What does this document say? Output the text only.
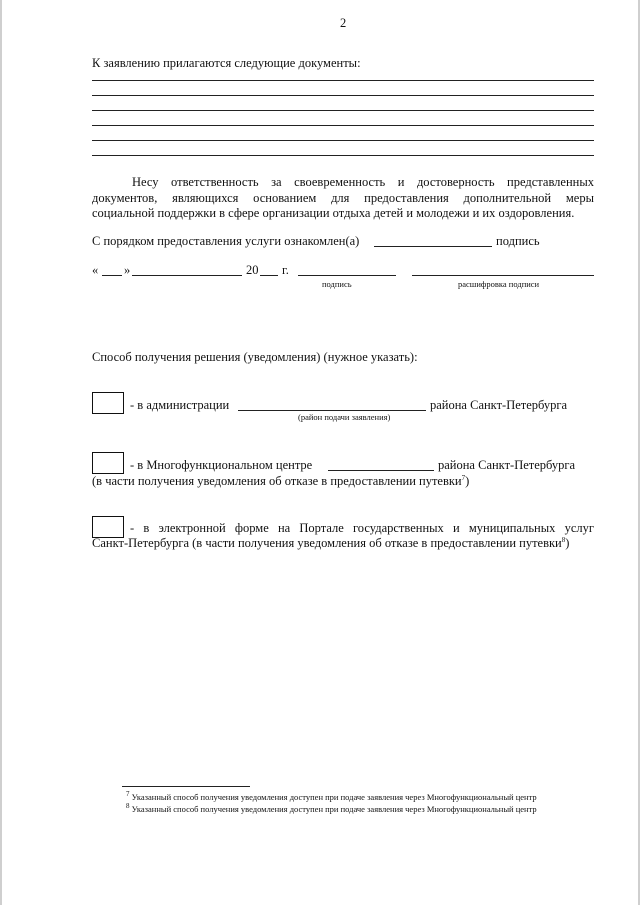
2
К заявлению прилагаются следующие документы:
Несу ответственность за своевременность и достоверность представленных
документов, являющихся основанием для предоставления дополнительной меры
социальной поддержки в сфере организации отдыха детей и молодежи и их оздоровления.
С порядком предоставления услуги ознакомлен(а)	подпись
« »	20 г.
подпись	расшифровка подписи
Способ получения решения (уведомления) (нужное указать):
- в администрации	района Санкт-Петербурга
(район подачи заявления)
- в Многофункциональном центре	района Санкт-Петербурга
(в части получения уведомления об отказе в предоставлении путевки$^7$)
- в электронной форме на Портале государственных и муниципальных услуг
Санкт-Петербурга (в части получения уведомления об отказе в предоставлении путевки$^8$)
$^7$ Указанный способ получения уведомления доступен при подаче заявления через Многофункциональный центр
$^8$ Указанный способ получения уведомления доступен при подаче заявления через Многофункциональный центр
